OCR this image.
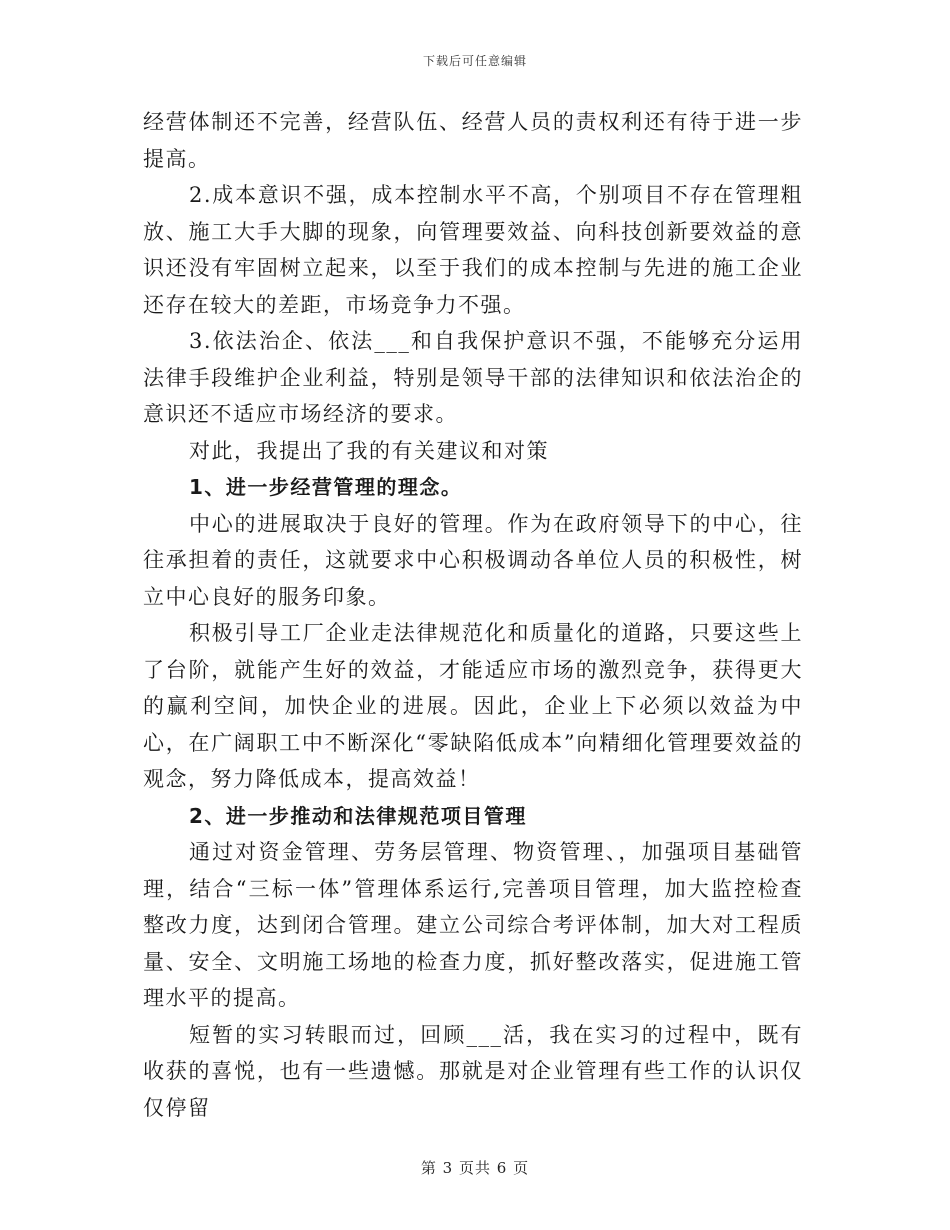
下载后可任意编辑

经营体制还不完善，经营队伍、经营人员的责权利还有待于进一步提高。

2.成本意识不强，成本控制水平不高，个别项目不存在管理粗放、施工大手大脚的现象，向管理要效益、向科技创新要效益的意识还没有牢固树立起来，以至于我们的成本控制与先进的施工企业还存在较大的差距，市场竞争力不强。

3.依法治企、依法___和自我保护意识不强，不能够充分运用法律手段维护企业利益，特别是领导干部的法律知识和依法治企的意识还不适应市场经济的要求。

对此，我提出了我的有关建议和对策

1、进一步经营管理的理念。

中心的进展取决于良好的管理。作为在政府领导下的中心，往往承担着的责任，这就要求中心积极调动各单位人员的积极性，树立中心良好的服务印象。

积极引导工厂企业走法律规范化和质量化的道路，只要这些上了台阶，就能产生好的效益，才能适应市场的激烈竞争，获得更大的赢利空间，加快企业的进展。因此，企业上下必须以效益为中心，在广阔职工中不断深化“零缺陷低成本”向精细化管理要效益的观念，努力降低成本，提高效益！

2、进一步推动和法律规范项目管理

通过对资金管理、劳务层管理、物资管理、，加强项目基础管理，结合“三标一体”管理体系运行,完善项目管理，加大监控检查整改力度，达到闭合管理。建立公司综合考评体制，加大对工程质量、安全、文明施工场地的检查力度，抓好整改落实，促进施工管理水平的提高。

短暂的实习转眼而过，回顾___活，我在实习的过程中，既有收获的喜悦，也有一些遗憾。那就是对企业管理有些工作的认识仅仅停留

第 3 页共 6 页
